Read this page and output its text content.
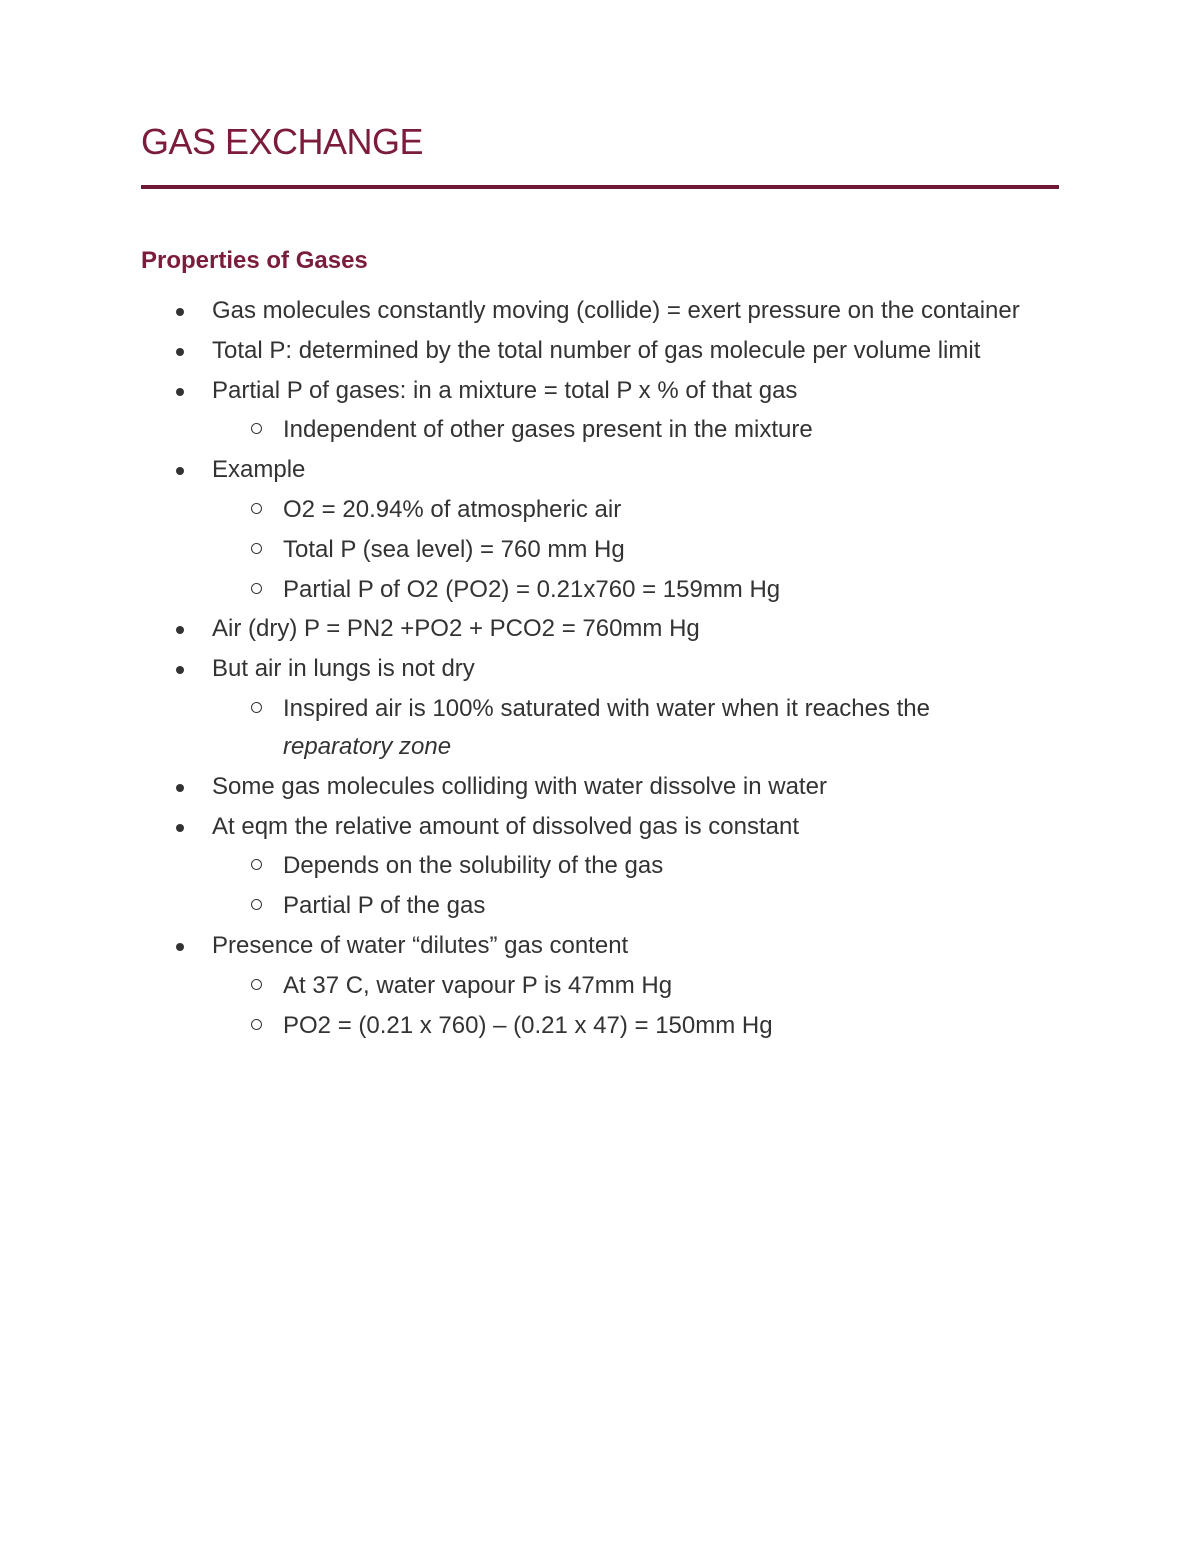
GAS EXCHANGE
Properties of Gases
Gas molecules constantly moving (collide) = exert pressure on the container
Total P: determined by the total number of gas molecule per volume limit
Partial P of gases: in a mixture = total P x % of that gas
Independent of other gases present in the mixture
Example
O2 = 20.94% of atmospheric air
Total P (sea level) = 760 mm Hg
Partial P of O2 (PO2) = 0.21x760 = 159mm Hg
Air (dry) P = PN2 +PO2 + PCO2 = 760mm Hg
But air in lungs is not dry
Inspired air is 100% saturated with water when it reaches the reparatory zone
Some gas molecules colliding with water dissolve in water
At eqm the relative amount of dissolved gas is constant
Depends on the solubility of the gas
Partial P of the gas
Presence of water “dilutes” gas content
At 37 C, water vapour P is 47mm Hg
PO2 = (0.21 x 760) – (0.21 x 47) = 150mm Hg
